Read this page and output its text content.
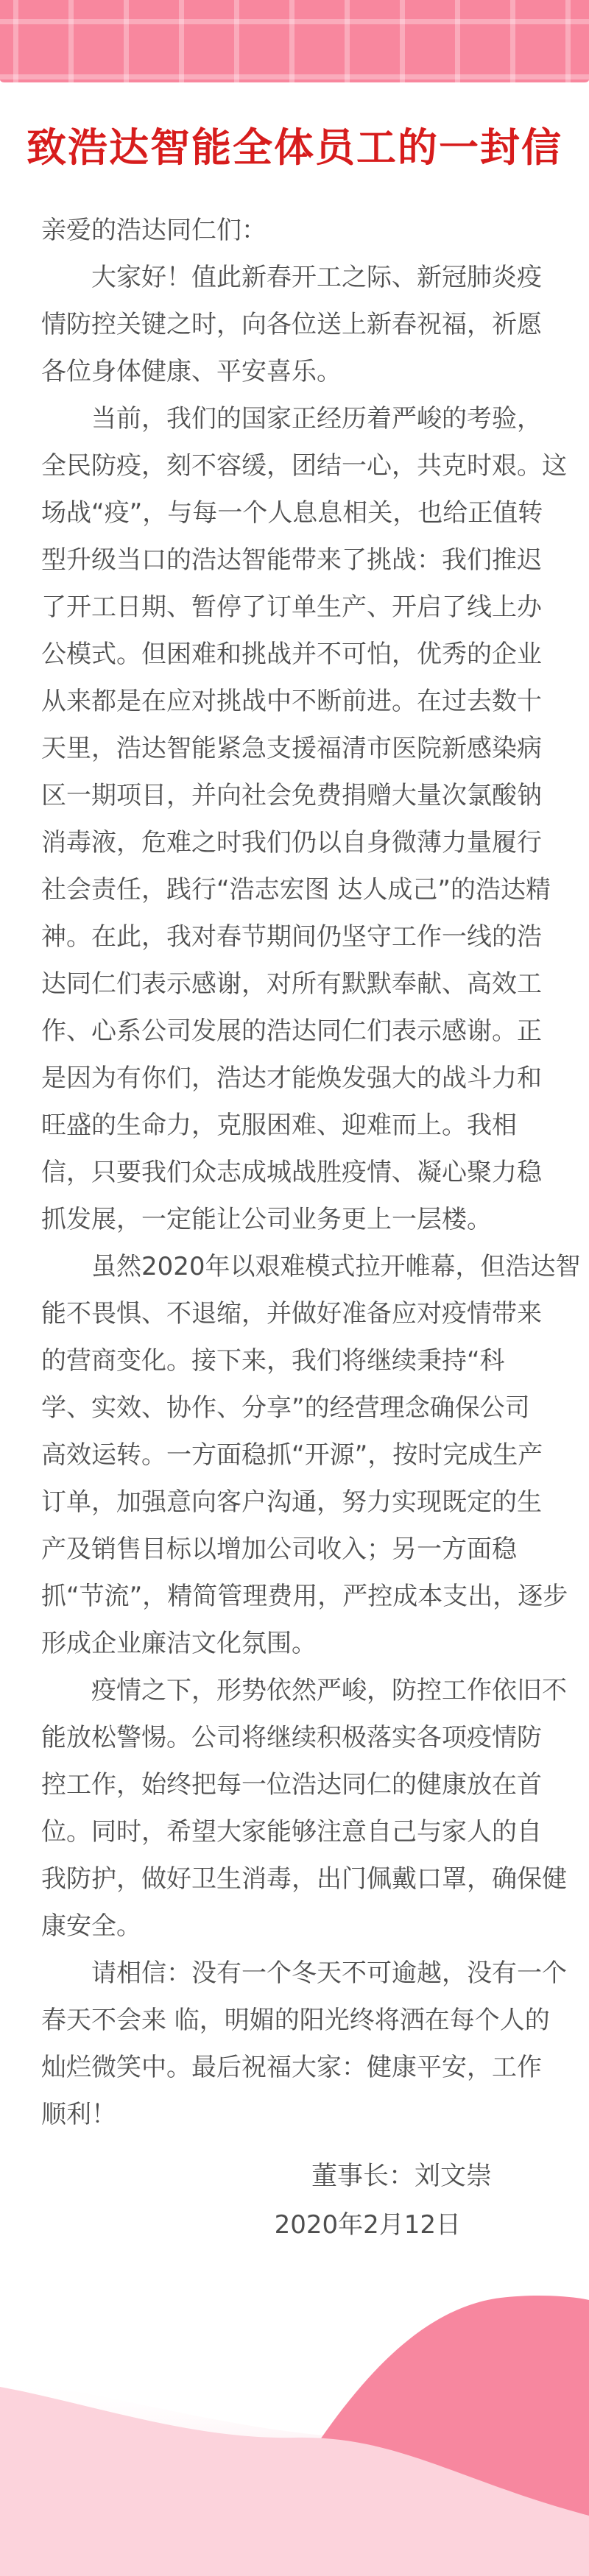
致浩达智能全体员工的一封信
亲爱的浩达同仁们：
大家好！值此新春开工之际、新冠肺炎疫
情防控关键之时，向各位送上新春祝福，祈愿
各位身体健康、平安喜乐。
当前，我们的国家正经历着严峻的考验，
全民防疫，刻不容缓，团结一心，共克时艰。这
场战“疫”，与每一个人息息相关，也给正值转
型升级当口的浩达智能带来了挑战：我们推迟
了开工日期、暂停了订单生产、开启了线上办
公模式。但困难和挑战并不可怕，优秀的企业
从来都是在应对挑战中不断前进。在过去数十
天里，浩达智能紧急支援福清市医院新感染病
区一期项目，并向社会免费捐赠大量次氯酸钠
消毒液，危难之时我们仍以自身微薄力量履行
社会责任，践行“浩志宏图 达人成己”的浩达精
神。在此，我对春节期间仍坚守工作一线的浩
达同仁们表示感谢，对所有默默奉献、高效工
作、心系公司发展的浩达同仁们表示感谢。正
是因为有你们，浩达才能焕发强大的战斗力和
旺盛的生命力，克服困难、迎难而上。我相
信，只要我们众志成城战胜疫情、凝心聚力稳
抓发展，一定能让公司业务更上一层楼。
虽然2020年以艰难模式拉开帷幕，但浩达智
能不畏惧、不退缩，并做好准备应对疫情带来
的营商变化。接下来，我们将继续秉持“科
学、实效、协作、分享”的经营理念确保公司
高效运转。一方面稳抓“开源”，按时完成生产
订单，加强意向客户沟通，努力实现既定的生
产及销售目标以增加公司收入；另一方面稳
抓“节流”，精简管理费用，严控成本支出，逐步
形成企业廉洁文化氛围。
疫情之下，形势依然严峻，防控工作依旧不
能放松警惕。公司将继续积极落实各项疫情防
控工作，始终把每一位浩达同仁的健康放在首
位。同时，希望大家能够注意自己与家人的自
我防护，做好卫生消毒，出门佩戴口罩，确保健
康安全。
请相信：没有一个冬天不可逾越，没有一个
春天不会来 临，明媚的阳光终将洒在每个人的
灿烂微笑中。最后祝福大家：健康平安，工作
顺利！
董事长：刘文崇
2020年2月12日
